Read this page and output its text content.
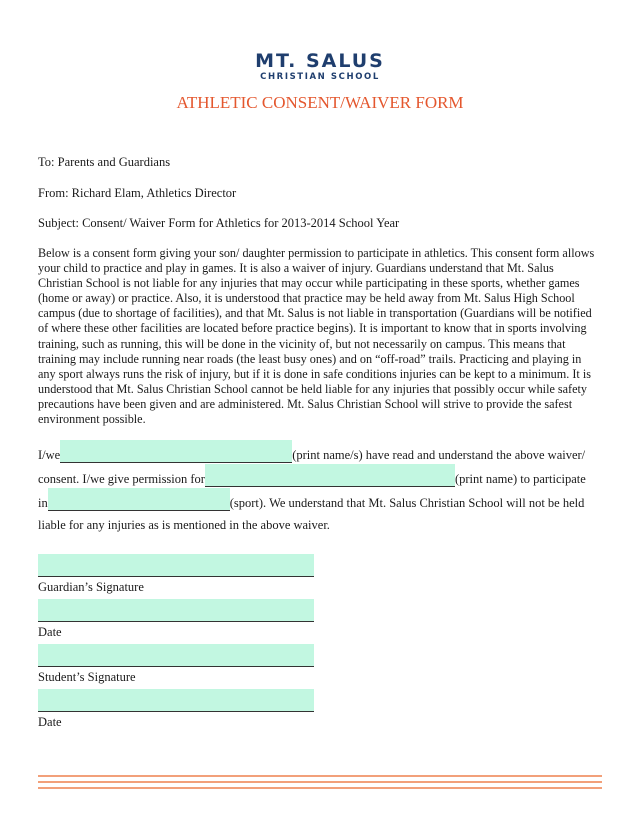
MT. SALUS
CHRISTIAN SCHOOL
ATHLETIC CONSENT/WAIVER FORM
To: Parents and Guardians
From: Richard Elam, Athletics Director
Subject: Consent/ Waiver Form for Athletics for 2013-2014 School Year

Below is a consent form giving your son/ daughter permission to participate in athletics. This consent form allows your child to practice and play in games. It is also a waiver of injury. Guardians understand that Mt. Salus Christian School is not liable for any injuries that may occur while participating in these sports, whether games (home or away) or practice. Also, it is understood that practice may be held away from Mt. Salus High School campus (due to shortage of facilities), and that Mt. Salus is not liable in transportation (Guardians will be notified of where these other facilities are located before practice begins). It is important to know that in sports involving training, such as running, this will be done in the vicinity of, but not necessarily on campus. This means that training may include running near roads (the least busy ones) and on “off-road” trails. Practicing and playing in any sport always runs the risk of injury, but if it is done in safe conditions injuries can be kept to a minimum. It is understood that Mt. Salus Christian School cannot be held liable for any injuries that possibly occur while safety precautions have been given and are administered. Mt. Salus Christian School will strive to provide the safest environment possible.

I/we	(print name/s) have read and understand the above waiver/
consent. I/we give permission for	(print name) to participate
in	(sport). We understand that Mt. Salus Christian School will not be held
liable for any injuries as is mentioned in the above waiver.
Guardian’s Signature
Date
Student’s Signature
Date
